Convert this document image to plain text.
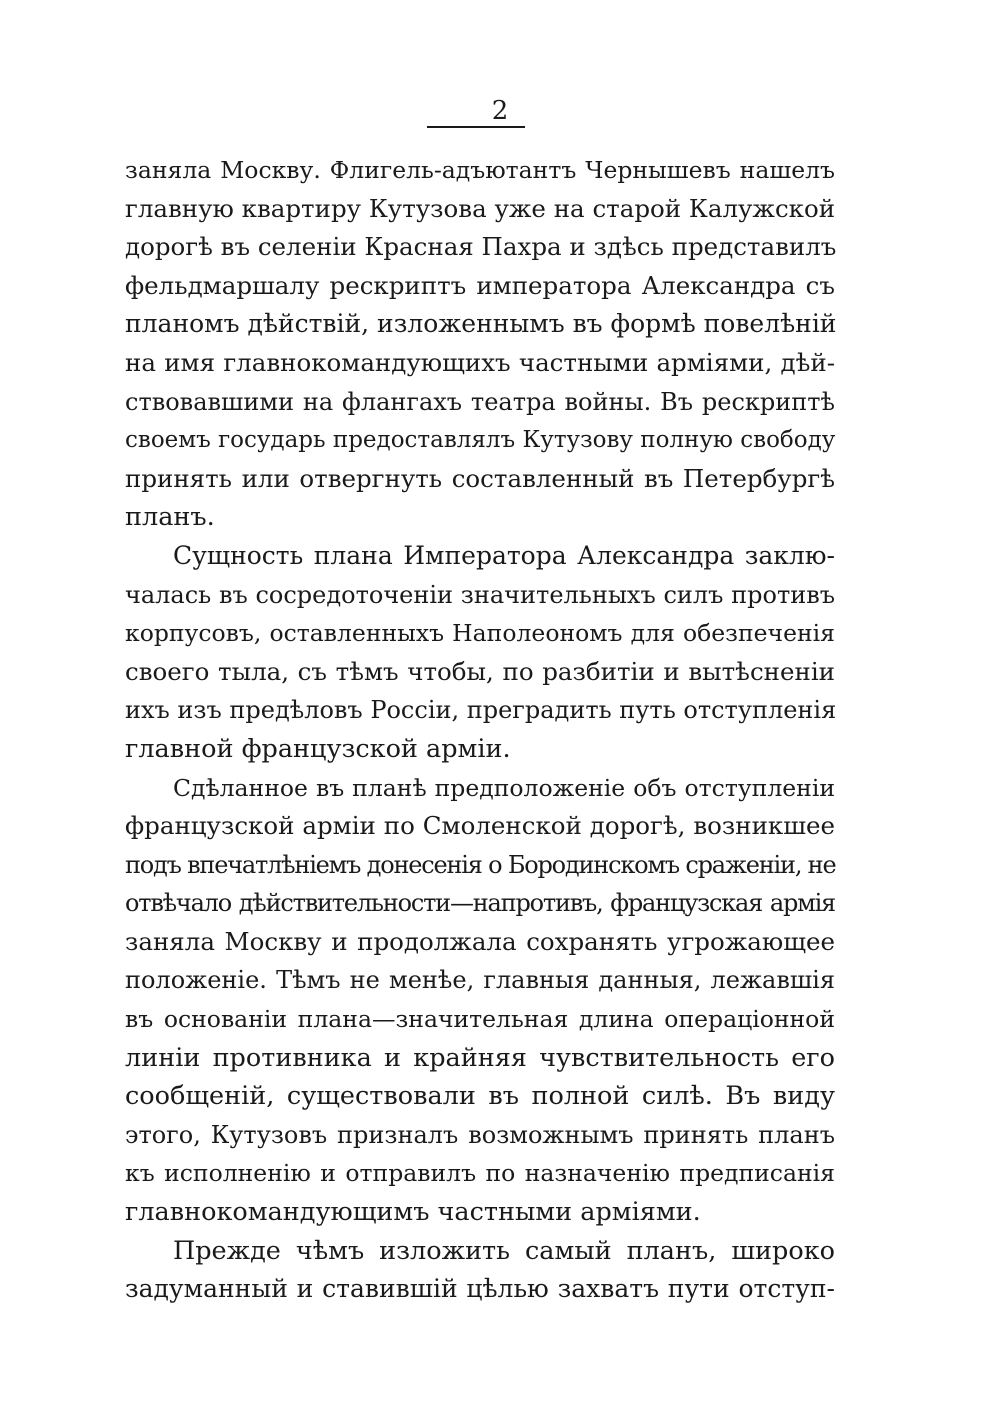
2
заняла Москву. Флигель-адъютантъ Чернышевъ нашелъ
главную квартиру Кутузова уже на старой Калужской
дорогѣ въ селеніи Красная Пахра и здѣсь представилъ
фельдмаршалу рескриптъ императора Александра съ
планомъ дѣйствій, изложеннымъ въ формѣ повелѣній
на имя главнокомандующихъ частными арміями, дѣй-
ствовавшими на флангахъ театра войны. Въ рескриптѣ
своемъ государь предоставлялъ Кутузову полную свободу
принять или отвергнуть составленный въ Петербургѣ
планъ.
Сущность плана Императора Александра заклю-
чалась въ сосредоточеніи значительныхъ силъ противъ
корпусовъ, оставленныхъ Наполеономъ для обезпеченія
своего тыла, съ тѣмъ чтобы, по разбитіи и вытѣсненіи
ихъ изъ предѣловъ Россіи, преградить путь отступленія
главной французской арміи.
Сдѣланное въ планѣ предположеніе объ отступленіи
французской арміи по Смоленской дорогѣ, возникшее
подъ впечатлѣніемъ донесенія о Бородинскомъ сраженіи, не
отвѣчало дѣйствительности—напротивъ, французская армія
заняла Москву и продолжала сохранять угрожающее
положеніе. Тѣмъ не менѣе, главныя данныя, лежавшія
въ основаніи плана—значительная длина операціонной
линіи противника и крайняя чувствительность его
сообщеній, существовали въ полной силѣ. Въ виду
этого, Кутузовъ призналъ возможнымъ принять планъ
къ исполненію и отправилъ по назначенію предписанія
главнокомандующимъ частными арміями.
Прежде чѣмъ изложить самый планъ, широко
задуманный и ставившій цѣлью захватъ пути отступ-
